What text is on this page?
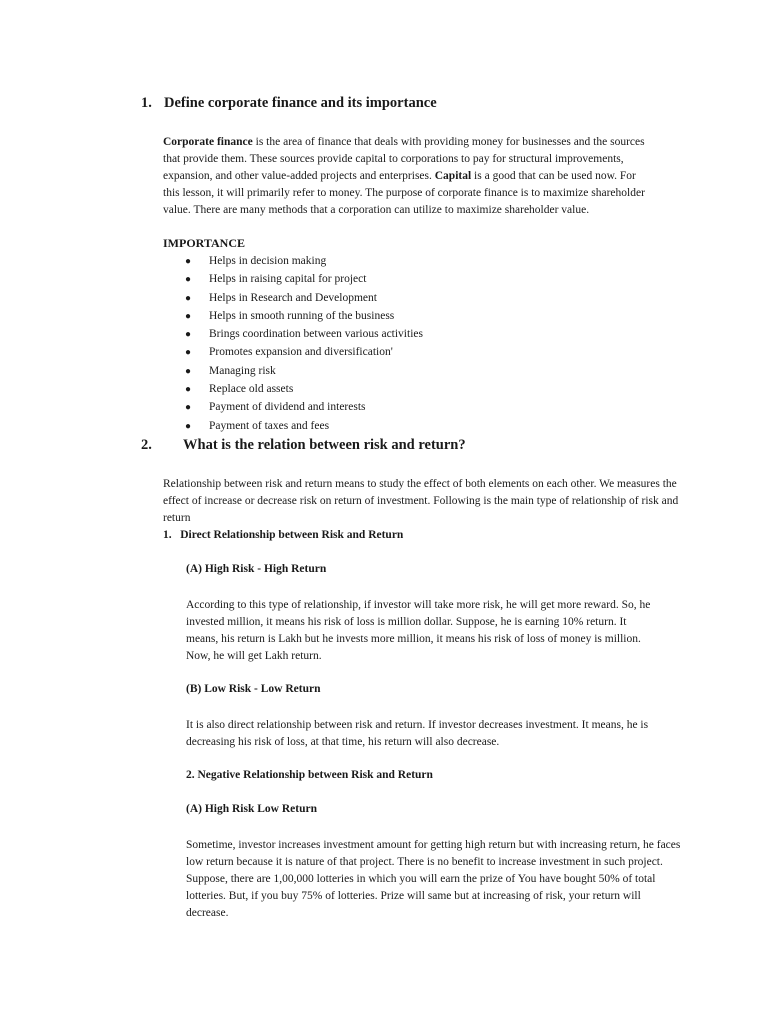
1. Define corporate finance and its importance
Corporate finance is the area of finance that deals with providing money for businesses and the sources that provide them. These sources provide capital to corporations to pay for structural improvements, expansion, and other value-added projects and enterprises. Capital is a good that can be used now. For this lesson, it will primarily refer to money. The purpose of corporate finance is to maximize shareholder value. There are many methods that a corporation can utilize to maximize shareholder value.
IMPORTANCE
● Helps in decision making
● Helps in raising capital for project
● Helps in Research and Development
● Helps in smooth running of the business
● Brings coordination between various activities
● Promotes expansion and diversification'
● Managing risk
● Replace old assets
● Payment of dividend and interests
● Payment of taxes and fees
2. What is the relation between risk and return?
Relationship between risk and return means to study the effect of both elements on each other. We measures the effect of increase or decrease risk on return of investment. Following is the main type of relationship of risk and return
1.   Direct Relationship between Risk and Return
(A) High Risk - High Return
According to this type of relationship, if investor will take more risk, he will get more reward. So, he invested million, it means his risk of loss is million dollar. Suppose, he is earning 10% return. It means, his return is Lakh but he invests more million, it means his risk of loss of money is million. Now, he will get Lakh return.
(B) Low Risk - Low Return
It is also direct relationship between risk and return. If investor decreases investment. It means, he is decreasing his risk of loss, at that time, his return will also decrease.
2. Negative Relationship between Risk and Return
(A) High Risk Low Return
Sometime, investor increases investment amount for getting high return but with increasing return, he faces low return because it is nature of that project. There is no benefit to increase investment in such project. Suppose, there are 1,00,000 lotteries in which you will earn the prize of You have bought 50% of total lotteries. But, if you buy 75% of lotteries. Prize will same but at increasing of risk, your return will decrease.
